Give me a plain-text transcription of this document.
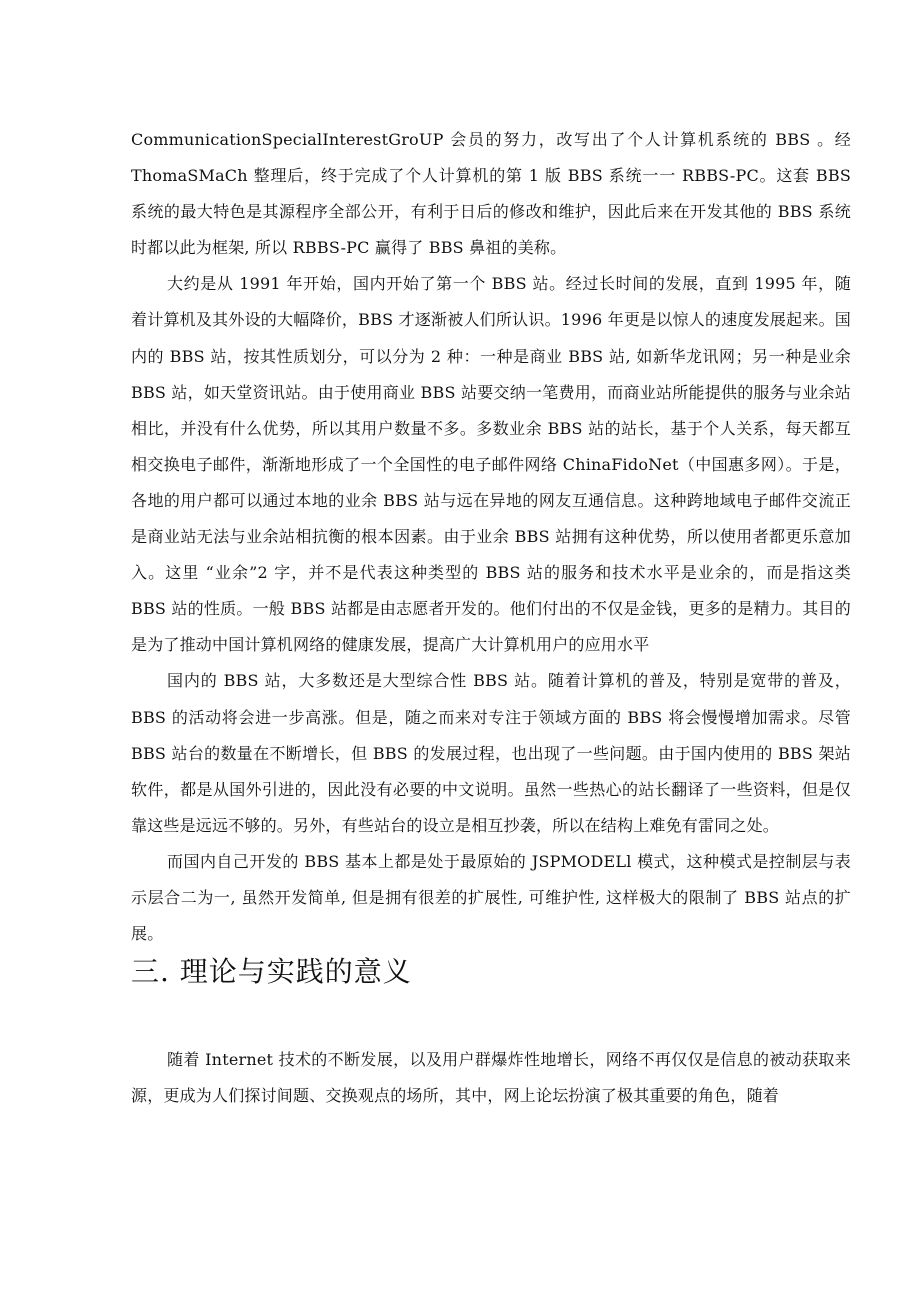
CommunicationSpecialInterestGroUP 会员的努力，改写出了个人计算机系统的 BBS 。经ThomaSMaCh 整理后，终于完成了个人计算机的第 1 版 BBS 系统一一 RBBS-PC。这套 BBS 系统的最大特色是其源程序全部公开，有利于日后的修改和维护，因此后来在开发其他的 BBS 系统时都以此为框架, 所以 RBBS-PC 赢得了 BBS 鼻祖的美称。

大约是从 1991 年开始，国内开始了第一个 BBS 站。经过长时间的发展，直到 1995 年，随着计算机及其外设的大幅降价，BBS 才逐渐被人们所认识。1996 年更是以惊人的速度发展起来。国内的 BBS 站，按其性质划分，可以分为 2 种：一种是商业 BBS 站, 如新华龙讯网；另一种是业余 BBS 站，如天堂资讯站。由于使用商业 BBS 站要交纳一笔费用，而商业站所能提供的服务与业余站相比，并没有什么优势，所以其用户数量不多。多数业余 BBS 站的站长，基于个人关系，每天都互相交换电子邮件，渐渐地形成了一个全国性的电子邮件网络 ChinaFidoNet（中国惠多网）。于是，各地的用户都可以通过本地的业余 BBS 站与远在异地的网友互通信息。这种跨地域电子邮件交流正是商业站无法与业余站相抗衡的根本因素。由于业余 BBS 站拥有这种优势，所以使用者都更乐意加入。这里 “业余”2 字，并不是代表这种类型的 BBS 站的服务和技术水平是业余的，而是指这类 BBS 站的性质。一般 BBS 站都是由志愿者开发的。他们付出的不仅是金钱，更多的是精力。其目的是为了推动中国计算机网络的健康发展，提高广大计算机用户的应用水平

国内的 BBS 站，大多数还是大型综合性 BBS 站。随着计算机的普及，特别是宽带的普及，BBS 的活动将会进一步高涨。但是，随之而来对专注于领域方面的 BBS 将会慢慢增加需求。尽管 BBS 站台的数量在不断增长，但 BBS 的发展过程，也出现了一些问题。由于国内使用的 BBS 架站软件，都是从国外引进的，因此没有必要的中文说明。虽然一些热心的站长翻译了一些资料，但是仅靠这些是远远不够的。另外，有些站台的设立是相互抄袭，所以在结构上难免有雷同之处。

而国内自己开发的 BBS 基本上都是处于最原始的 JSPMODELl 模式，这种模式是控制层与表示层合二为一, 虽然开发简单, 但是拥有很差的扩展性, 可维护性, 这样极大的限制了 BBS 站点的扩展。

三. 理论与实践的意义

随着 Internet 技术的不断发展，以及用户群爆炸性地增长，网络不再仅仅是信息的被动获取来源，更成为人们探讨间题、交换观点的场所，其中，网上论坛扮演了极其重要的角色，随着
